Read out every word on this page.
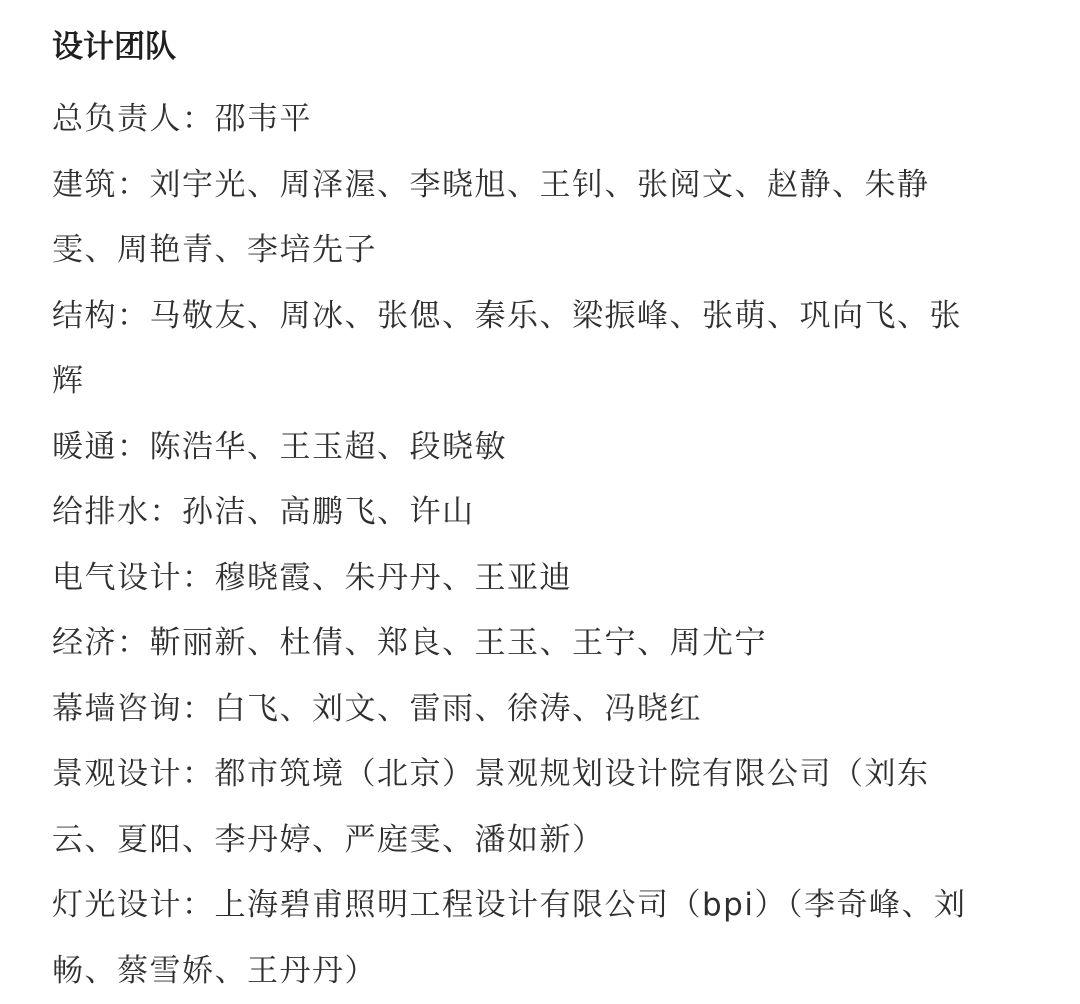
设计团队
总负责人：邵韦平
建筑：刘宇光、周泽渥、李晓旭、王钊、张阅文、赵静、朱静
雯、周艳青、李培先子
结构：马敬友、周冰、张偲、秦乐、梁振峰、张萌、巩向飞、张
辉
暖通：陈浩华、王玉超、段晓敏
给排水：孙洁、高鹏飞、许山
电气设计：穆晓霞、朱丹丹、王亚迪
经济：靳丽新、杜倩、郑良、王玉、王宁、周尤宁
幕墙咨询：白飞、刘文、雷雨、徐涛、冯晓红
景观设计：都市筑境（北京）景观规划设计院有限公司（刘东
云、夏阳、李丹婷、严庭雯、潘如新）
灯光设计：上海碧甫照明工程设计有限公司（bpi）（李奇峰、刘
畅、蔡雪娇、王丹丹）
